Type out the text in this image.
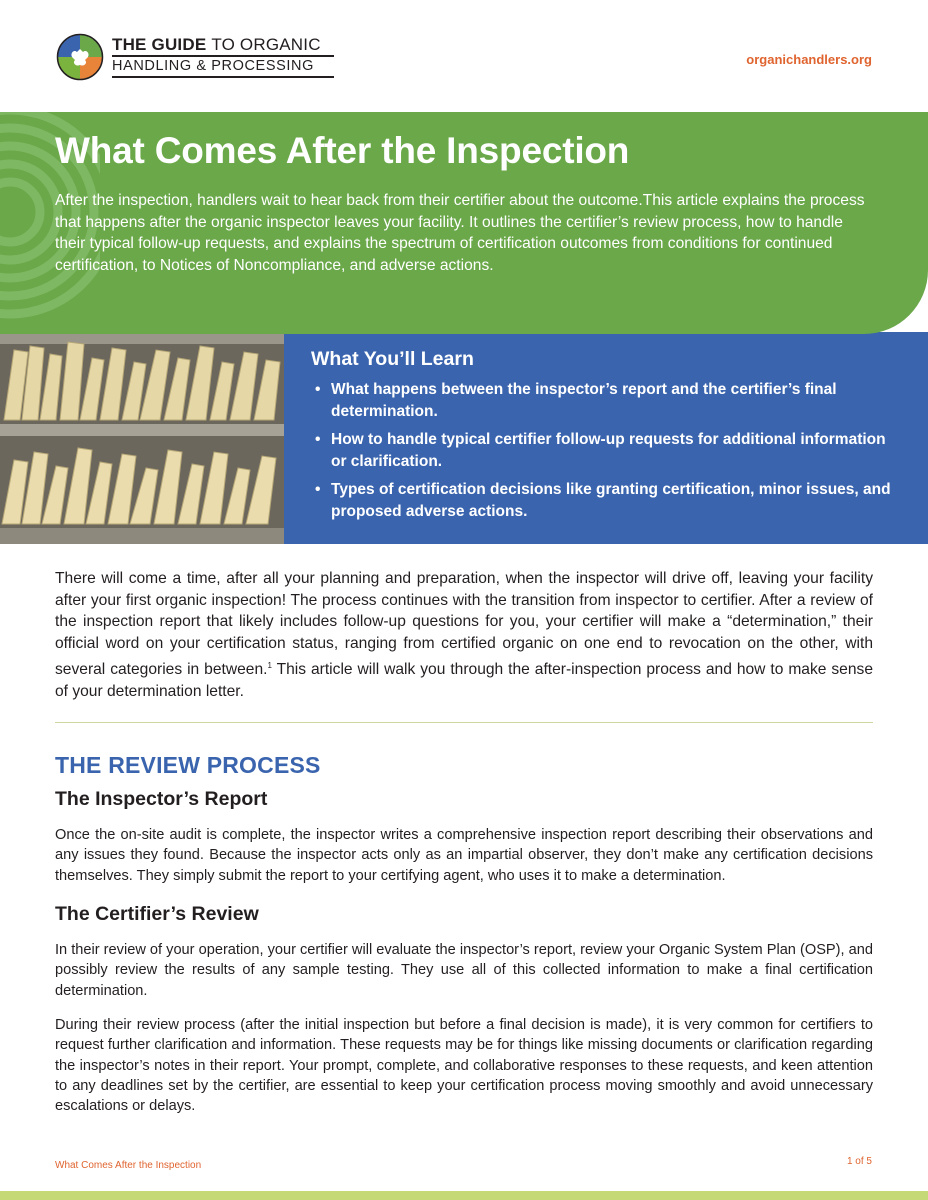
THE GUIDE TO ORGANIC
HANDLING & PROCESSING	organichandlers.org
What You’ll Learn
• What happens between the inspector’s report and the certifier’s final determination.
• How to handle typical certifier follow-up requests for additional information or clarification.
• Types of certification decisions like granting certification, minor issues, and proposed adverse actions.
What Comes After the Inspection
After the inspection, handlers wait to hear back from their certifier about the outcome.This article explains the process that happens after the organic inspector leaves your facility. It outlines the certifier’s review process, how to handle their typical follow-up requests, and explains the spectrum of certification outcomes from conditions for continued certification, to Notices of Noncompliance, and adverse actions.
There will come a time, after all your planning and preparation, when the inspector will drive off, leaving your facility after your first organic inspection! The process continues with the transition from inspector to certifier. After a review of the inspection report that likely includes follow-up questions for you, your certifier will make a “determination,” their official word on your certification status, ranging from certified organic on one end to revocation on the other, with several categories in between.$^1$ This article will walk you through the after-inspection process and how to make sense of your determination letter.
THE REVIEW PROCESS
The Inspector’s Report
Once the on-site audit is complete, the inspector writes a comprehensive inspection report describing their observations and any issues they found. Because the inspector acts only as an impartial observer, they don’t make any certification decisions themselves. They simply submit the report to your certifying agent, who uses it to make a determination.
The Certifier’s Review
In their review of your operation, your certifier will evaluate the inspector’s report, review your Organic System Plan (OSP), and possibly review the results of any sample testing. They use all of this collected information to make a final certification determination.
During their review process (after the initial inspection but before a final decision is made), it is very common for certifiers to request further clarification and information. These requests may be for things like missing documents or clarification regarding the inspector’s notes in their report. Your prompt, complete, and collaborative responses to these requests, and keen attention to any deadlines set by the certifier, are essential to keep your certification process moving smoothly and avoid unnecessary escalations or delays.
What Comes After the Inspection	1 of 5
